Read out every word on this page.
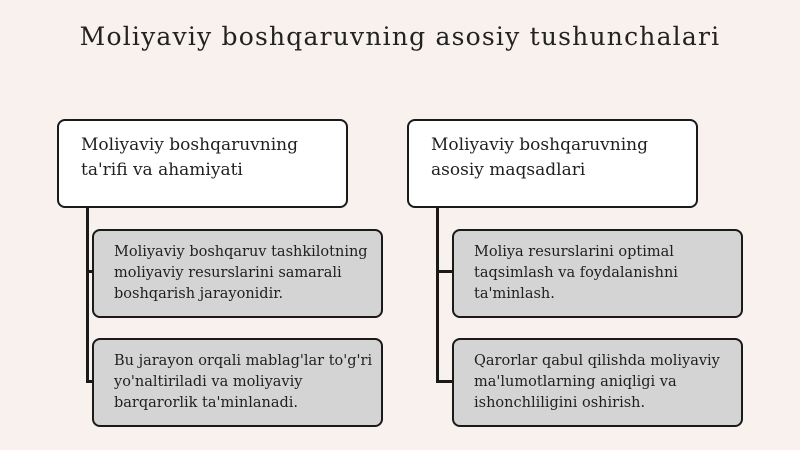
Moliyaviy boshqaruvning asosiy tushunchalari
Moliyaviy boshqaruvning
ta'rifi va ahamiyati
Moliyaviy boshqaruv tashkilotning
moliyaviy resurslarini samarali
boshqarish jarayonidir.
Bu jarayon orqali mablag'lar to'g'ri
yo'naltiriladi va moliyaviy
barqarorlik ta'minlanadi.
Moliyaviy boshqaruvning
asosiy maqsadlari
Moliya resurslarini optimal
taqsimlash va foydalanishni
ta'minlash.
Qarorlar qabul qilishda moliyaviy
ma'lumotlarning aniqligi va
ishonchliligini oshirish.
